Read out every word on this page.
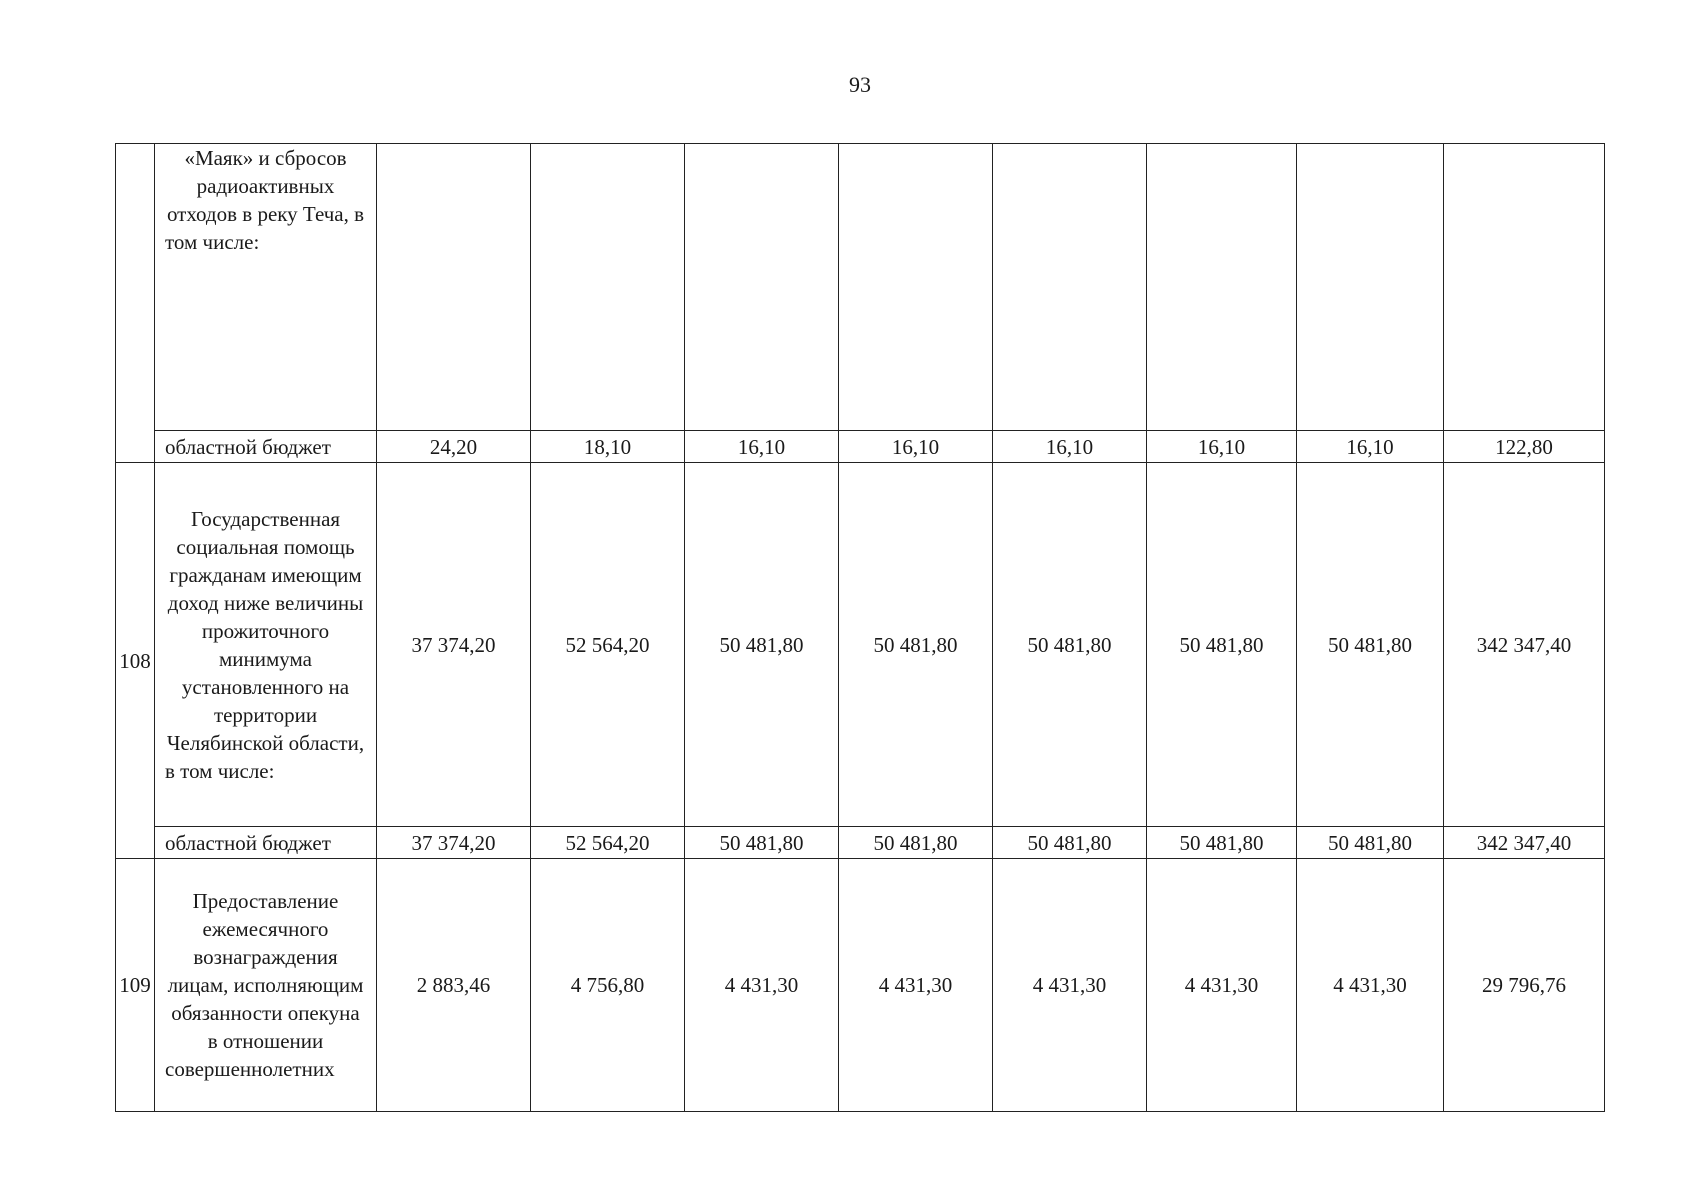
93
	«Маяк» и сбросов радиоактивных отходов в реку Теча, в том числе:								
	областной бюджет	24,20	18,10	16,10	16,10	16,10	16,10	16,10	122,80
108	Государственная социальная помощь гражданам имеющим доход ниже величины прожиточного минимума установленного на территории Челябинской области, в том числе:	37 374,20	52 564,20	50 481,80	50 481,80	50 481,80	50 481,80	50 481,80	342 347,40
	областной бюджет	37 374,20	52 564,20	50 481,80	50 481,80	50 481,80	50 481,80	50 481,80	342 347,40
109	Предоставление ежемесячного вознаграждения лицам, исполняющим обязанности опекуна в отношении совершеннолетних	2 883,46	4 756,80	4 431,30	4 431,30	4 431,30	4 431,30	4 431,30	29 796,76
